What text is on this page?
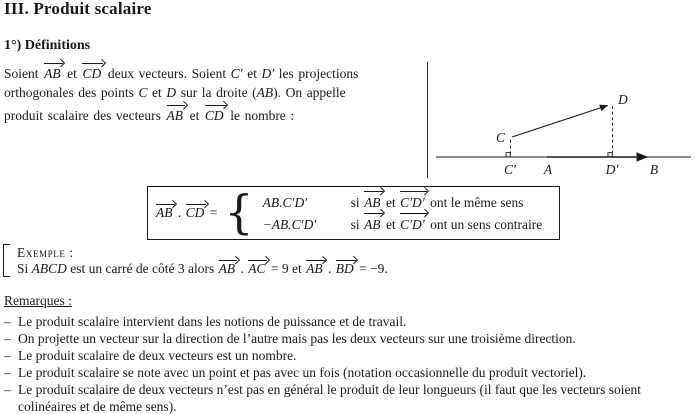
III. Produit scalaire
1°) Définitions
Soient AB et CD deux vecteurs. Soient C′ et D′ les projections
orthogonales des points C et D sur la droite (AB). On appelle
produit scalaire des vecteurs AB et CD le nombre :
C
D
C′ A	D′ B
AB . CD = { AB.C′D′	si AB et C′D′ ont le même sens
−AB.C′D′	si AB et C′D′ ont un sens contraire
Exemple :
Si ABCD est un carré de côté 3 alors AB . AC = 9 et AB . BD = −9.
Remarques :
– Le produit scalaire intervient dans les notions de puissance et de travail.
– On projette un vecteur sur la direction de l’autre mais pas les deux vecteurs sur une troisième direction.
– Le produit scalaire de deux vecteurs est un nombre.
– Le produit scalaire se note avec un point et pas avec un fois (notation occasionnelle du produit vectoriel).
– Le produit scalaire de deux vecteurs n’est pas en général le produit de leur longueurs (il faut que les vecteurs soient colinéaires et de même sens).
